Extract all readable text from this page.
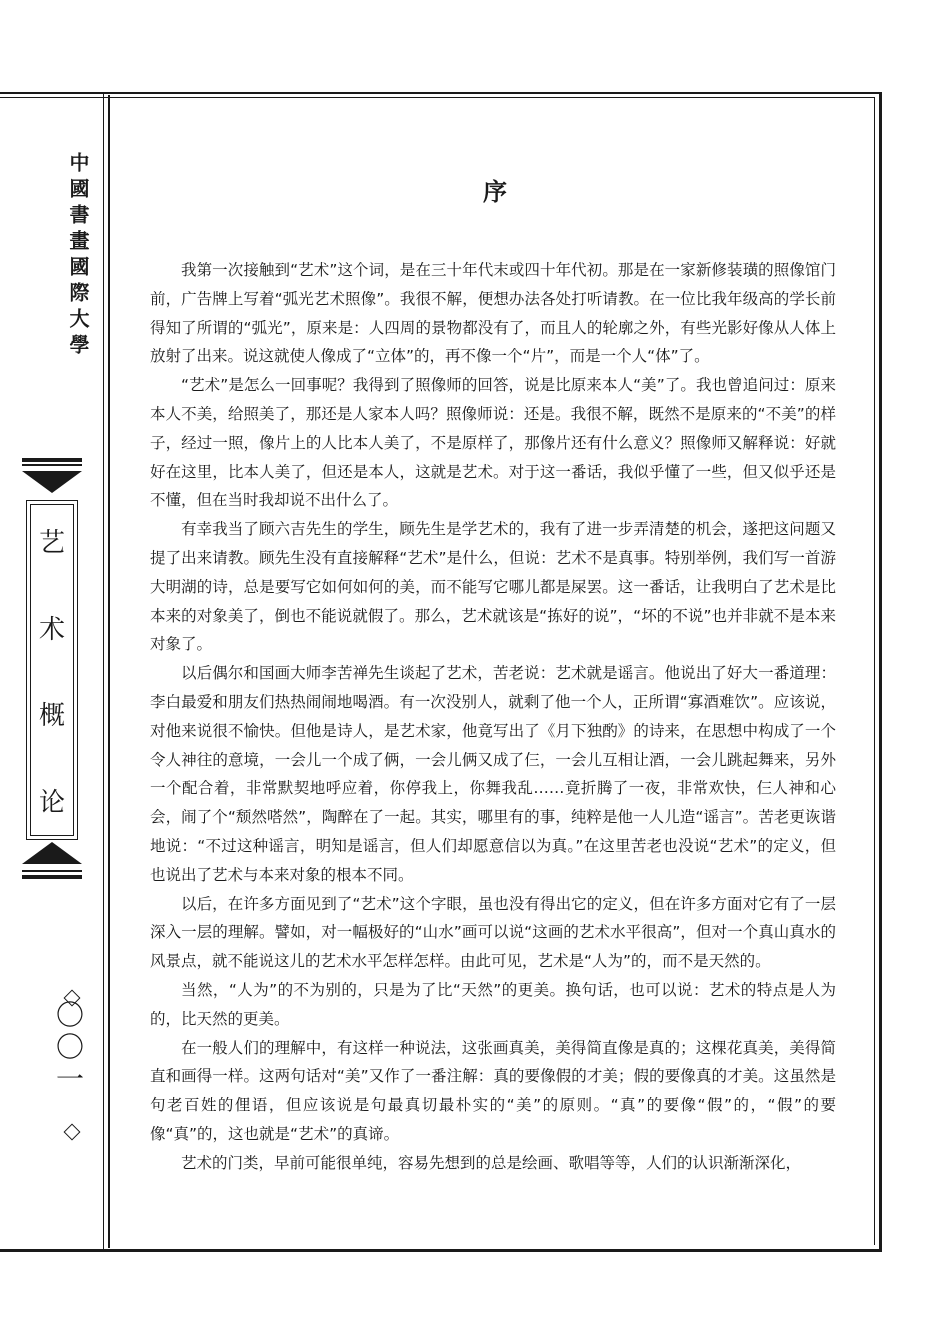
中國書畫國際大學
艺
术
概
论
〇〇一
序

我第一次接触到“艺术”这个词，是在三十年代末或四十年代初。那是在一家新修装璜的照像馆门前，广告牌上写着“弧光艺术照像”。我很不解，便想办法各处打听请教。在一位比我年级高的学长前得知了所谓的“弧光”，原来是：人四周的景物都没有了，而且人的轮廓之外，有些光影好像从人体上放射了出来。说这就使人像成了“立体”的，再不像一个“片”，而是一个人“体”了。

“艺术”是怎么一回事呢？我得到了照像师的回答，说是比原来本人“美”了。我也曾追问过：原来本人不美，给照美了，那还是人家本人吗？照像师说：还是。我很不解，既然不是原来的“不美”的样子，经过一照，像片上的人比本人美了，不是原样了，那像片还有什么意义？照像师又解释说：好就好在这里，比本人美了，但还是本人，这就是艺术。对于这一番话，我似乎懂了一些，但又似乎还是不懂，但在当时我却说不出什么了。

有幸我当了顾六吉先生的学生，顾先生是学艺术的，我有了进一步弄清楚的机会，遂把这问题又提了出来请教。顾先生没有直接解释“艺术”是什么，但说：艺术不是真事。特别举例，我们写一首游大明湖的诗，总是要写它如何如何的美，而不能写它哪儿都是屎罢。这一番话，让我明白了艺术是比本来的对象美了，倒也不能说就假了。那么，艺术就该是“拣好的说”，“坏的不说”也并非就不是本来对象了。

以后偶尔和国画大师李苦禅先生谈起了艺术，苦老说：艺术就是谣言。他说出了好大一番道理：李白最爱和朋友们热热闹闹地喝酒。有一次没别人，就剩了他一个人，正所谓“寡酒难饮”。应该说，对他来说很不愉快。但他是诗人，是艺术家，他竟写出了《月下独酌》的诗来，在思想中构成了一个令人神往的意境，一会儿一个成了俩，一会儿俩又成了仨，一会儿互相让酒，一会儿跳起舞来，另外一个配合着，非常默契地呼应着，你停我上，你舞我乱……竟折腾了一夜，非常欢快，仨人神和心会，闹了个“颓然嗒然”，陶醉在了一起。其实，哪里有的事，纯粹是他一人儿造“谣言”。苦老更诙谐地说：“不过这种谣言，明知是谣言，但人们却愿意信以为真。”在这里苦老也没说“艺术”的定义，但也说出了艺术与本来对象的根本不同。

以后，在许多方面见到了“艺术”这个字眼，虽也没有得出它的定义，但在许多方面对它有了一层深入一层的理解。譬如，对一幅极好的“山水”画可以说“这画的艺术水平很高”，但对一个真山真水的风景点，就不能说这儿的艺术水平怎样怎样。由此可见，艺术是“人为”的，而不是天然的。

当然，“人为”的不为别的，只是为了比“天然”的更美。换句话，也可以说：艺术的特点是人为的，比天然的更美。

在一般人们的理解中，有这样一种说法，这张画真美，美得简直像是真的；这棵花真美，美得简直和画得一样。这两句话对“美”又作了一番注解：真的要像假的才美；假的要像真的才美。这虽然是句老百姓的俚语，但应该说是句最真切最朴实的“美”的原则。“真”的要像“假”的，“假”的要像“真”的，这也就是“艺术”的真谛。

艺术的门类，早前可能很单纯，容易先想到的总是绘画、歌唱等等，人们的认识渐渐深化，
